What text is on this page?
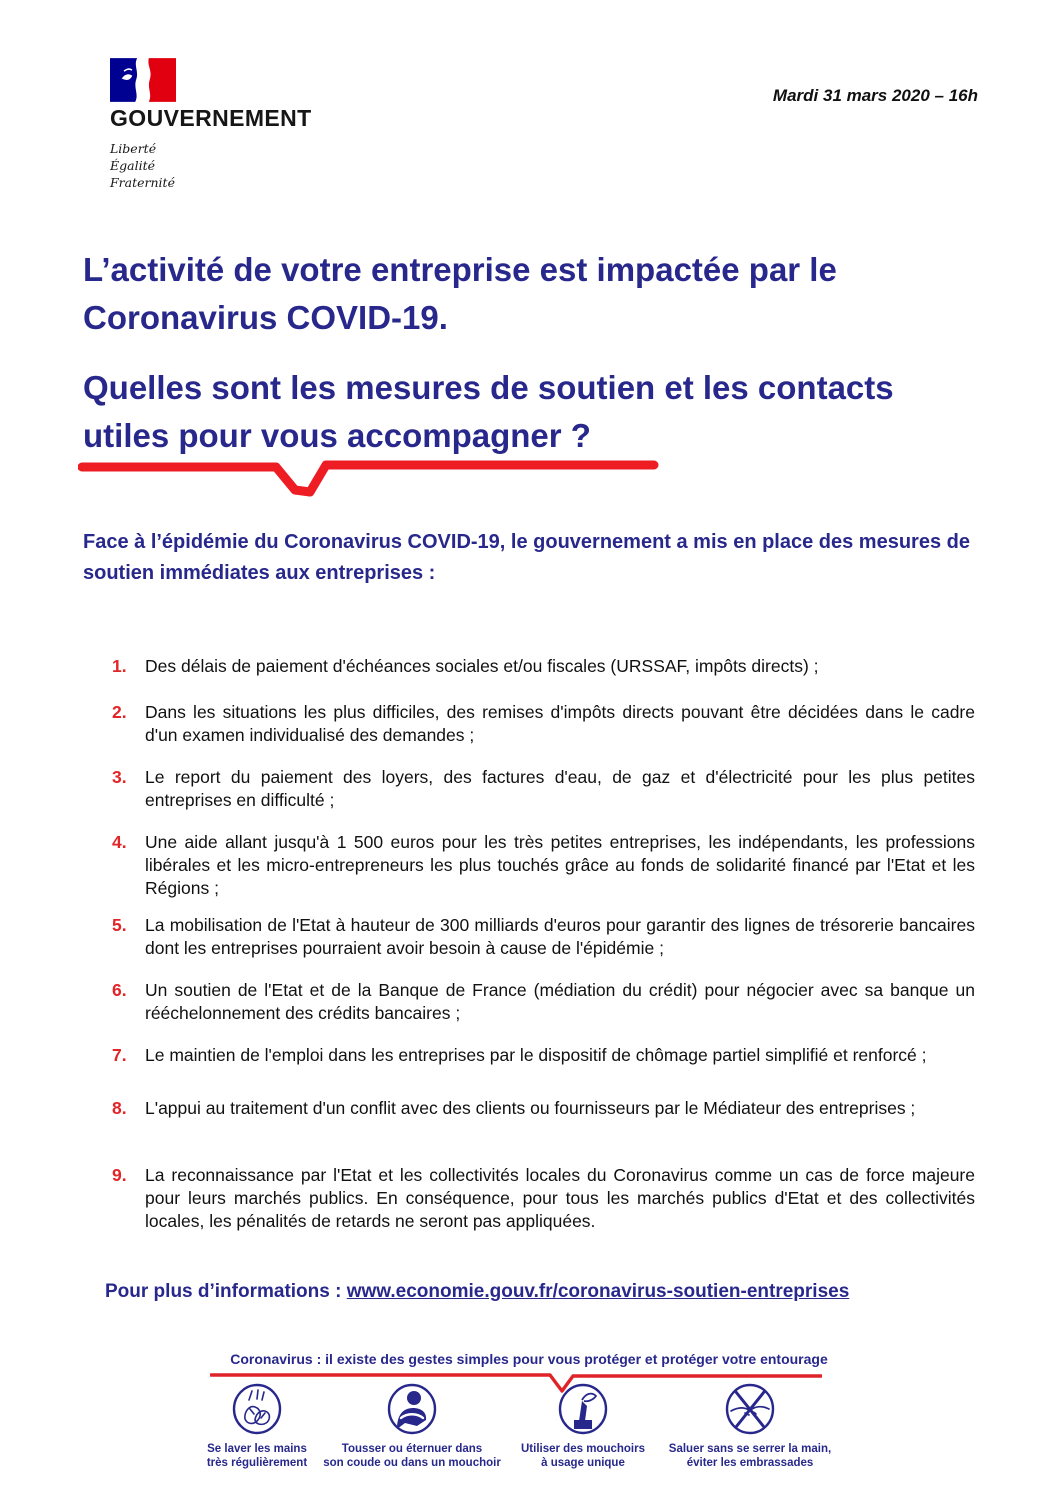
GOUVERNEMENT
Liberté
Égalité
Fraternité
Mardi 31 mars 2020 – 16h
L’activité de votre entreprise est impactée par le Coronavirus COVID-19.
Quelles sont les mesures de soutien et les contacts utiles pour vous accompagner ?

Face à l’épidémie du Coronavirus COVID-19, le gouvernement a mis en place des mesures de soutien immédiates aux entreprises :

1.	Des délais de paiement d'échéances sociales et/ou fiscales (URSSAF, impôts directs) ;

2.	Dans les situations les plus difficiles, des remises d'impôts directs pouvant être décidées dans le cadre d'un examen individualisé des demandes ;

3.	Le report du paiement des loyers, des factures d'eau, de gaz et d'électricité pour les plus petites entreprises en difficulté ;

4.	Une aide allant jusqu'à 1 500 euros pour les très petites entreprises, les indépendants, les professions libérales et les micro-entrepreneurs les plus touchés grâce au fonds de solidarité financé par l'Etat et les Régions ;

5.	La mobilisation de l'Etat à hauteur de 300 milliards d'euros pour garantir des lignes de trésorerie bancaires dont les entreprises pourraient avoir besoin à cause de l'épidémie ;

6.	Un soutien de l'Etat et de la Banque de France (médiation du crédit) pour négocier avec sa banque un rééchelonnement des crédits bancaires ;

7.	Le maintien de l'emploi dans les entreprises par le dispositif de chômage partiel simplifié et renforcé ;

8.	L'appui au traitement d'un conflit avec des clients ou fournisseurs par le Médiateur des entreprises ;

9.	La reconnaissance par l'Etat et les collectivités locales du Coronavirus comme un cas de force majeure pour leurs marchés publics. En conséquence, pour tous les marchés publics d'Etat et des collectivités locales, les pénalités de retards ne seront pas appliquées.

Pour plus d’informations : www.economie.gouv.fr/coronavirus-soutien-entreprises

Coronavirus : il existe des gestes simples pour vous protéger et protéger votre entourage

Se laver les mains
très régulièrement
Tousser ou éternuer dans
son coude ou dans un mouchoir
Utiliser des mouchoirs
à usage unique
Saluer sans se serrer la main,
éviter les embrassades
